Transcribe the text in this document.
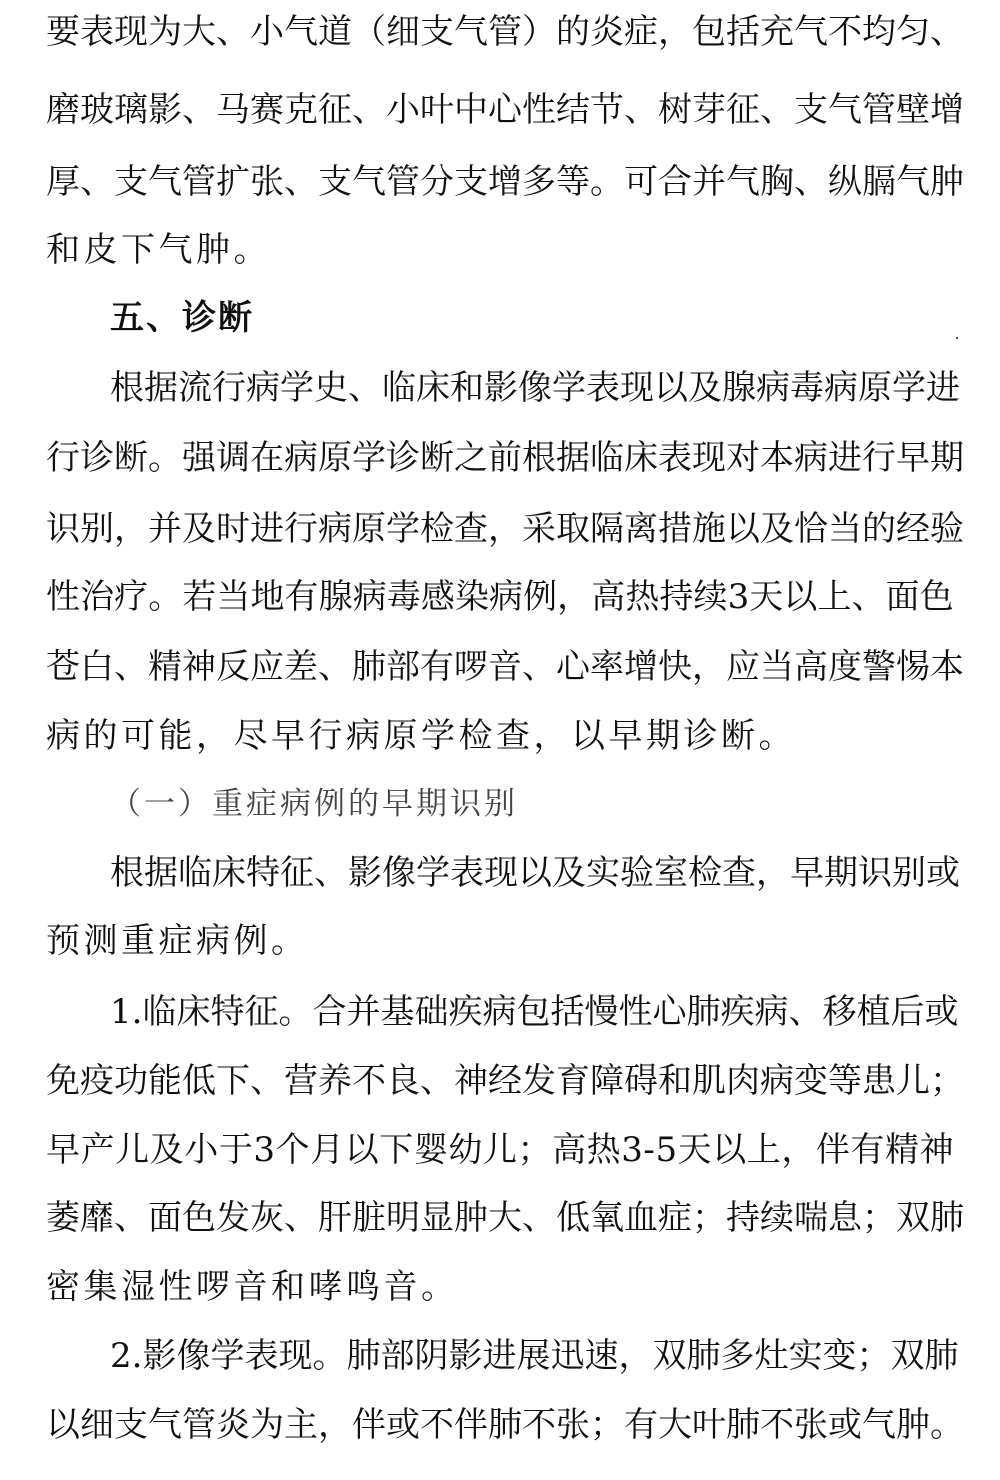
要 表 现 为 大 、 小 气 道 （ 细 支 气 管 ） 的 炎 症 ， 包 括 充 气 不 均 匀 、
磨 玻 璃 影 、 马 赛 克 征 、 小 叶 中 心 性 结 节 、 树 芽 征 、 支 气 管 壁 增
厚 、 支 气 管 扩 张 、 支 气 管 分 支 增 多 等 。 可 合 并 气 胸 、 纵 膈 气 肿
和皮下气肿。
五、诊断
根 据 流 行 病 学 史 、 临 床 和 影 像 学 表 现 以 及 腺 病 毒 病 原 学 进
行 诊 断 。 强 调 在 病 原 学 诊 断 之 前 根 据 临 床 表 现 对 本 病 进 行 早 期
识 别 ， 并 及 时 进 行 病 原 学 检 查 ， 采 取 隔 离 措 施 以 及 恰 当 的 经 验
性 治 疗 。 若 当 地 有 腺 病 毒 感 染 病 例 ， 高 热 持 续 3 天 以 上 、 面 色
苍 白 、 精 神 反 应 差 、 肺 部 有 啰 音 、 心 率 增 快 ， 应 当 高 度 警 惕 本
病的可能，尽早行病原学检查，以早期诊断。
（一）重症病例的早期识别
根 据 临 床 特 征 、 影 像 学 表 现 以 及 实 验 室 检 查 ， 早 期 识 别 或
预测重症病例。
1 . 临 床 特 征 。 合 并 基 础 疾 病 包 括 慢 性 心 肺 疾 病 、 移 植 后 或
免 疫 功 能 低 下 、 营 养 不 良 、 神 经 发 育 障 碍 和 肌 肉 病 变 等 患 儿 ；
早 产 儿 及 小 于 3 个 月 以 下 婴 幼 儿 ； 高 热 3 - 5 天 以 上 ， 伴 有 精 神
萎 靡 、 面 色 发 灰 、 肝 脏 明 显 肿 大 、 低 氧 血 症 ； 持 续 喘 息 ； 双 肺
密集湿性啰音和哮鸣音。
2 . 影 像 学 表 现 。 肺 部 阴 影 进 展 迅 速 ， 双 肺 多 灶 实 变 ； 双 肺
以 细 支 气 管 炎 为 主 ， 伴 或 不 伴 肺 不 张 ； 有 大 叶 肺 不 张 或 气 肿 。
